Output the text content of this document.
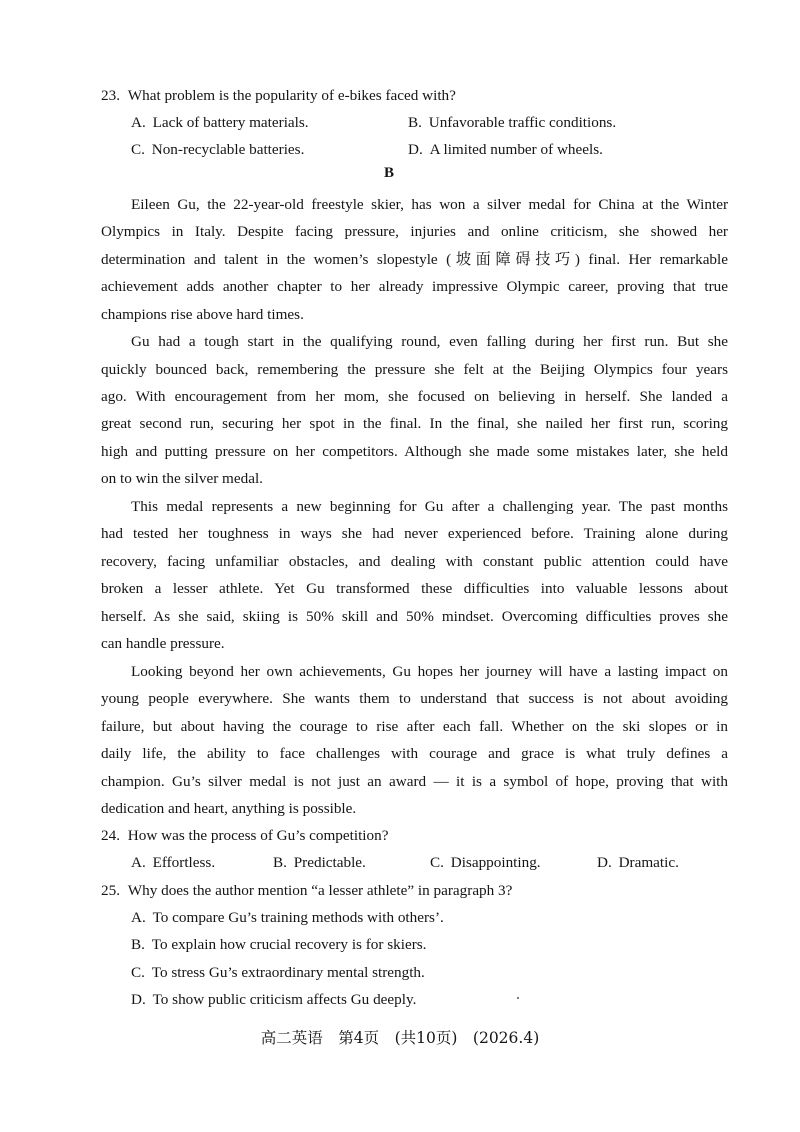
23. What problem is the popularity of e-bikes faced with?
A. Lack of battery materials.	B. Unfavorable traffic conditions.
C. Non-recyclable batteries.	D. A limited number of wheels.
B
Eileen Gu, the 22-year-old freestyle skier, has won a silver medal for China at the Winter
Olympics in Italy. Despite facing pressure, injuries and online criticism, she showed her
determination and talent in the women’s slopestyle (坡面障碍技巧) final. Her remarkable
achievement adds another chapter to her already impressive Olympic career, proving that true
champions rise above hard times.
Gu had a tough start in the qualifying round, even falling during her first run. But she
quickly bounced back, remembering the pressure she felt at the Beijing Olympics four years
ago. With encouragement from her mom, she focused on believing in herself. She landed a
great second run, securing her spot in the final. In the final, she nailed her first run, scoring
high and putting pressure on her competitors. Although she made some mistakes later, she held
on to win the silver medal.
This medal represents a new beginning for Gu after a challenging year. The past months
had tested her toughness in ways she had never experienced before. Training alone during
recovery, facing unfamiliar obstacles, and dealing with constant public attention could have
broken a lesser athlete. Yet Gu transformed these difficulties into valuable lessons about
herself. As she said, skiing is 50% skill and 50% mindset. Overcoming difficulties proves she
can handle pressure.
Looking beyond her own achievements, Gu hopes her journey will have a lasting impact on
young people everywhere. She wants them to understand that success is not about avoiding
failure, but about having the courage to rise after each fall. Whether on the ski slopes or in
daily life, the ability to face challenges with courage and grace is what truly defines a
champion. Gu’s silver medal is not just an award — it is a symbol of hope, proving that with
dedication and heart, anything is possible.
24. How was the process of Gu’s competition?
A. Effortless.	B. Predictable.	C. Disappointing.	D. Dramatic.
25. Why does the author mention “a lesser athlete” in paragraph 3?
A. To compare Gu’s training methods with others’.
B. To explain how crucial recovery is for skiers.
C. To stress Gu’s extraordinary mental strength.
D. To show public criticism affects Gu deeply.
高二英语　第4页　(共10页)　(2026.4)
